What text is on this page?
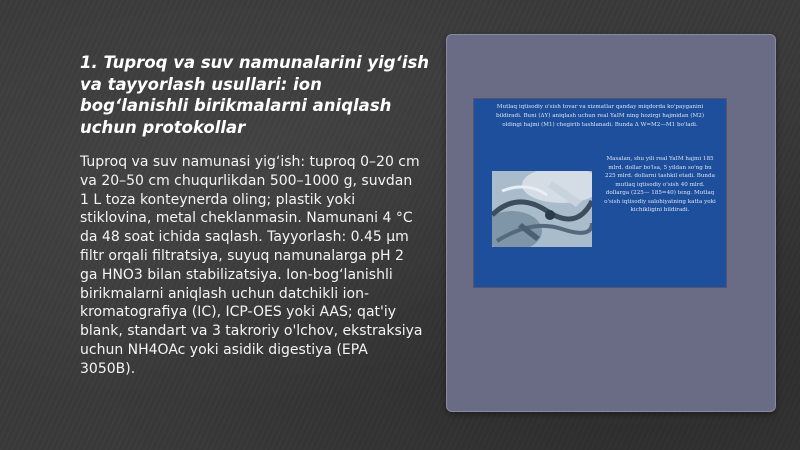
1. Tuproq va suv namunalarini yig‘ish va tayyorlash usullari: ion bog‘lanishli birikmalarni aniqlash uchun protokollar

Tuproq va suv namunasi yig‘ish: tuproq 0–20 cm va 20–50 cm chuqurlikdan 500–1000 g, suvdan 1 L toza konteynerda oling; plastik yoki stiklovina, metal cheklanmasin. Namunani 4 °C da 48 soat ichida saqlash. Tayyorlash: 0.45 µm filtr orqali filtratsiya, suyuq namunalarga pH 2 ga HNO3 bilan stabilizatsiya. Ion-bog‘lanishli birikmalarni aniqlash uchun datchikli ion-kromatografiya (IC), ICP-OES yoki AAS; qat'iy blank, standart va 3 takroriy o'lchov, ekstraksiya uchun NH4OAc yoki asidik digestiya (EPA 3050B).

Mutlaq iqtisodiy o'sish tovar va xizmatlar qanday miqdorda ko'payganini bildiradi. Buni (ΔY) aniqlash uchun real YaIM ning hozirgi hajmidan (M2) oldingi hajmi (M1) chegirib tashlanadi. Bunda Δ W=M2—M1 bo'ladi.

Masalan, shu yili real YaIM hajmi 185 mlrd. dollar bo'lsa, 5 yildan so'ng bu 225 mlrd. dollarni tashkil etadi. Bunda mutlaq iqtisodiy o'sish 40 mlrd. dollarga (225— 185=40) teng. Mutlaq o'sish iqtisodiy salohiyatning katta yoki kichikligini bildiradi.
